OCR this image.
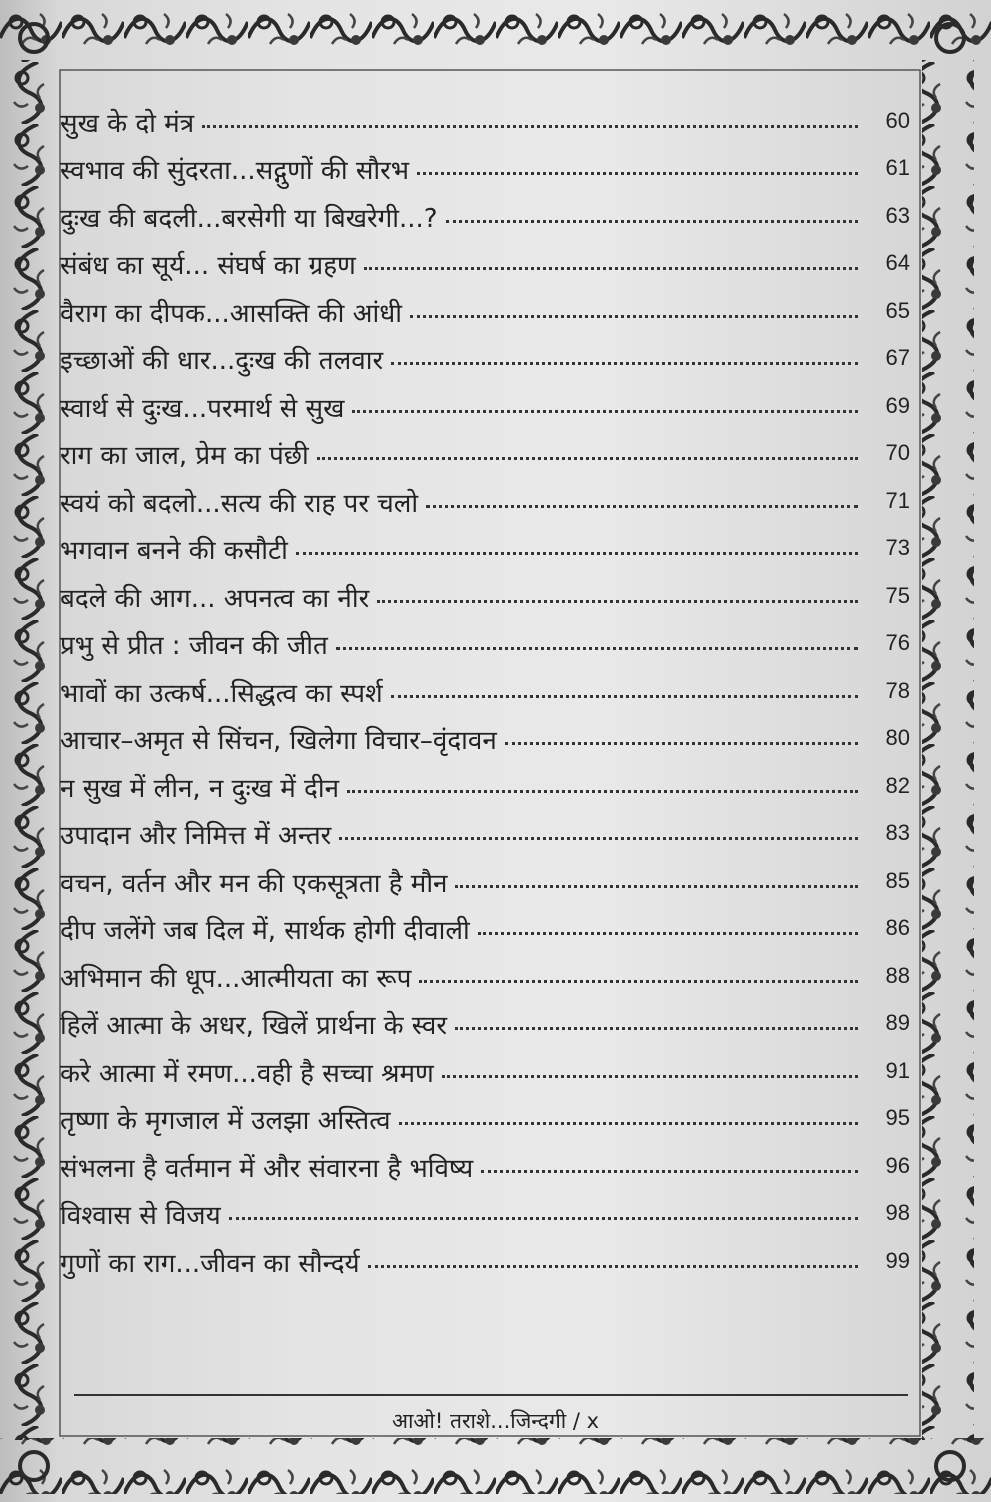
सुख के दो मंत्र	60
स्वभाव की सुंदरता...सद्गुणों की सौरभ	61
दुःख की बदली...बरसेगी या बिखरेगी...?	63
संबंध का सूर्य... संघर्ष का ग्रहण	64
वैराग का दीपक...आसक्ति की आंधी	65
इच्छाओं की धार...दुःख की तलवार	67
स्वार्थ से दुःख...परमार्थ से सुख	69
राग का जाल, प्रेम का पंछी	70
स्वयं को बदलो...सत्य की राह पर चलो	71
भगवान बनने की कसौटी	73
बदले की आग... अपनत्व का नीर	75
प्रभु से प्रीत : जीवन की जीत	76
भावों का उत्कर्ष...सिद्धत्व का स्पर्श	78
आचार–अमृत से सिंचन, खिलेगा विचार–वृंदावन	80
न सुख में लीन, न दुःख में दीन	82
उपादान और निमित्त में अन्तर	83
वचन, वर्तन और मन की एकसूत्रता है मौन	85
दीप जलेंगे जब दिल में, सार्थक होगी दीवाली	86
अभिमान की धूप...आत्मीयता का रूप	88
हिलें आत्मा के अधर, खिलें प्रार्थना के स्वर	89
करे आत्मा में रमण...वही है सच्चा श्रमण	91
तृष्णा के मृगजाल में उलझा अस्तित्व	95
संभलना है वर्तमान में और संवारना है भविष्य	96
विश्वास से विजय	98
गुणों का राग...जीवन का सौन्दर्य	99
आओ! तराशे...जिन्दगी / x
